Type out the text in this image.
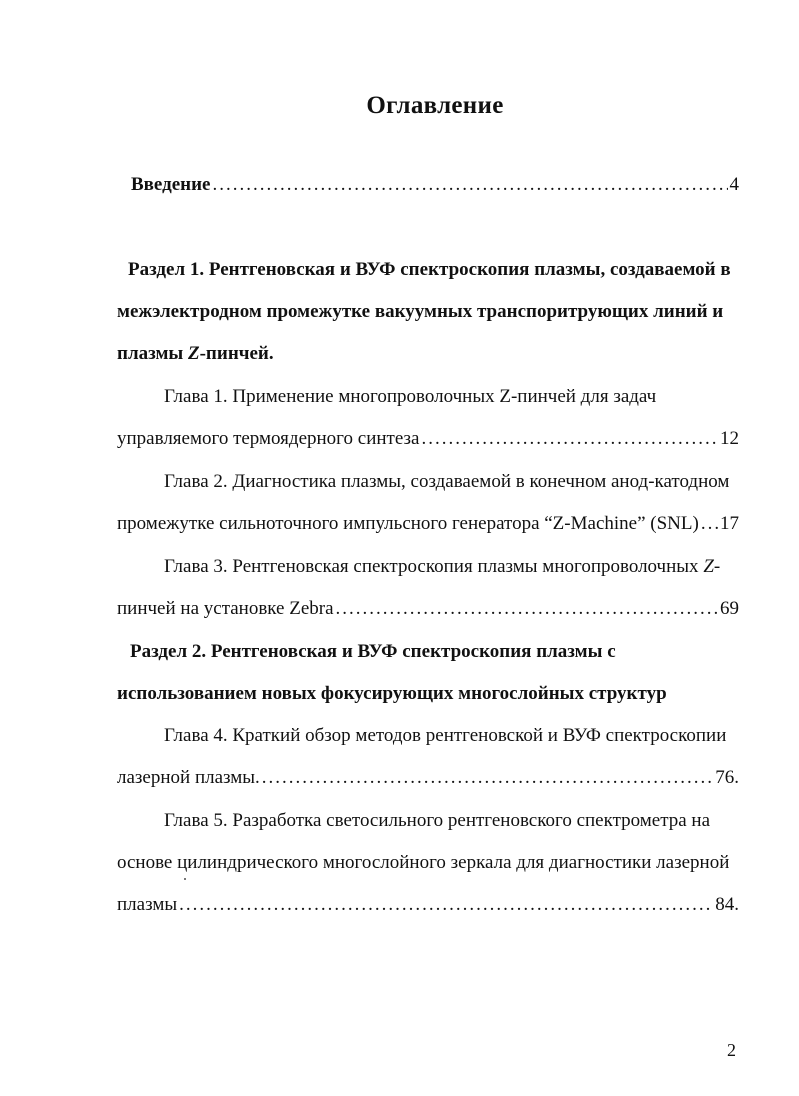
Оглавление
Введение .....	4
Раздел 1. Рентгеновская и ВУФ спектроскопия плазмы, создаваемой в
межэлектродном промежутке вакуумных транспоритрующих линий и
плазмы Z-пинчей.
Глава 1. Применение многопроволочных Z-пинчей для задач
управляемого термоядерного синтеза .....	12
Глава 2. Диагностика плазмы, создаваемой в конечном анод-катодном
промежутке сильноточного импульсного генератора “Z-Machine” (SNL) ..... 17
Глава 3. Рентгеновская спектроскопия плазмы многопроволочных Z-
пинчей на установке Zebra .....	69
Раздел 2. Рентгеновская и ВУФ спектроскопия плазмы с
использованием новых фокусирующих многослойных структур
Глава 4. Краткий обзор методов рентгеновской и ВУФ спектроскопии
лазерной плазмы. .....	76.
Глава 5. Разработка светосильного рентгеновского спектрометра на
основе цилиндрического многослойного зеркала для диагностики лазерной
плазмы .....	84.
2
